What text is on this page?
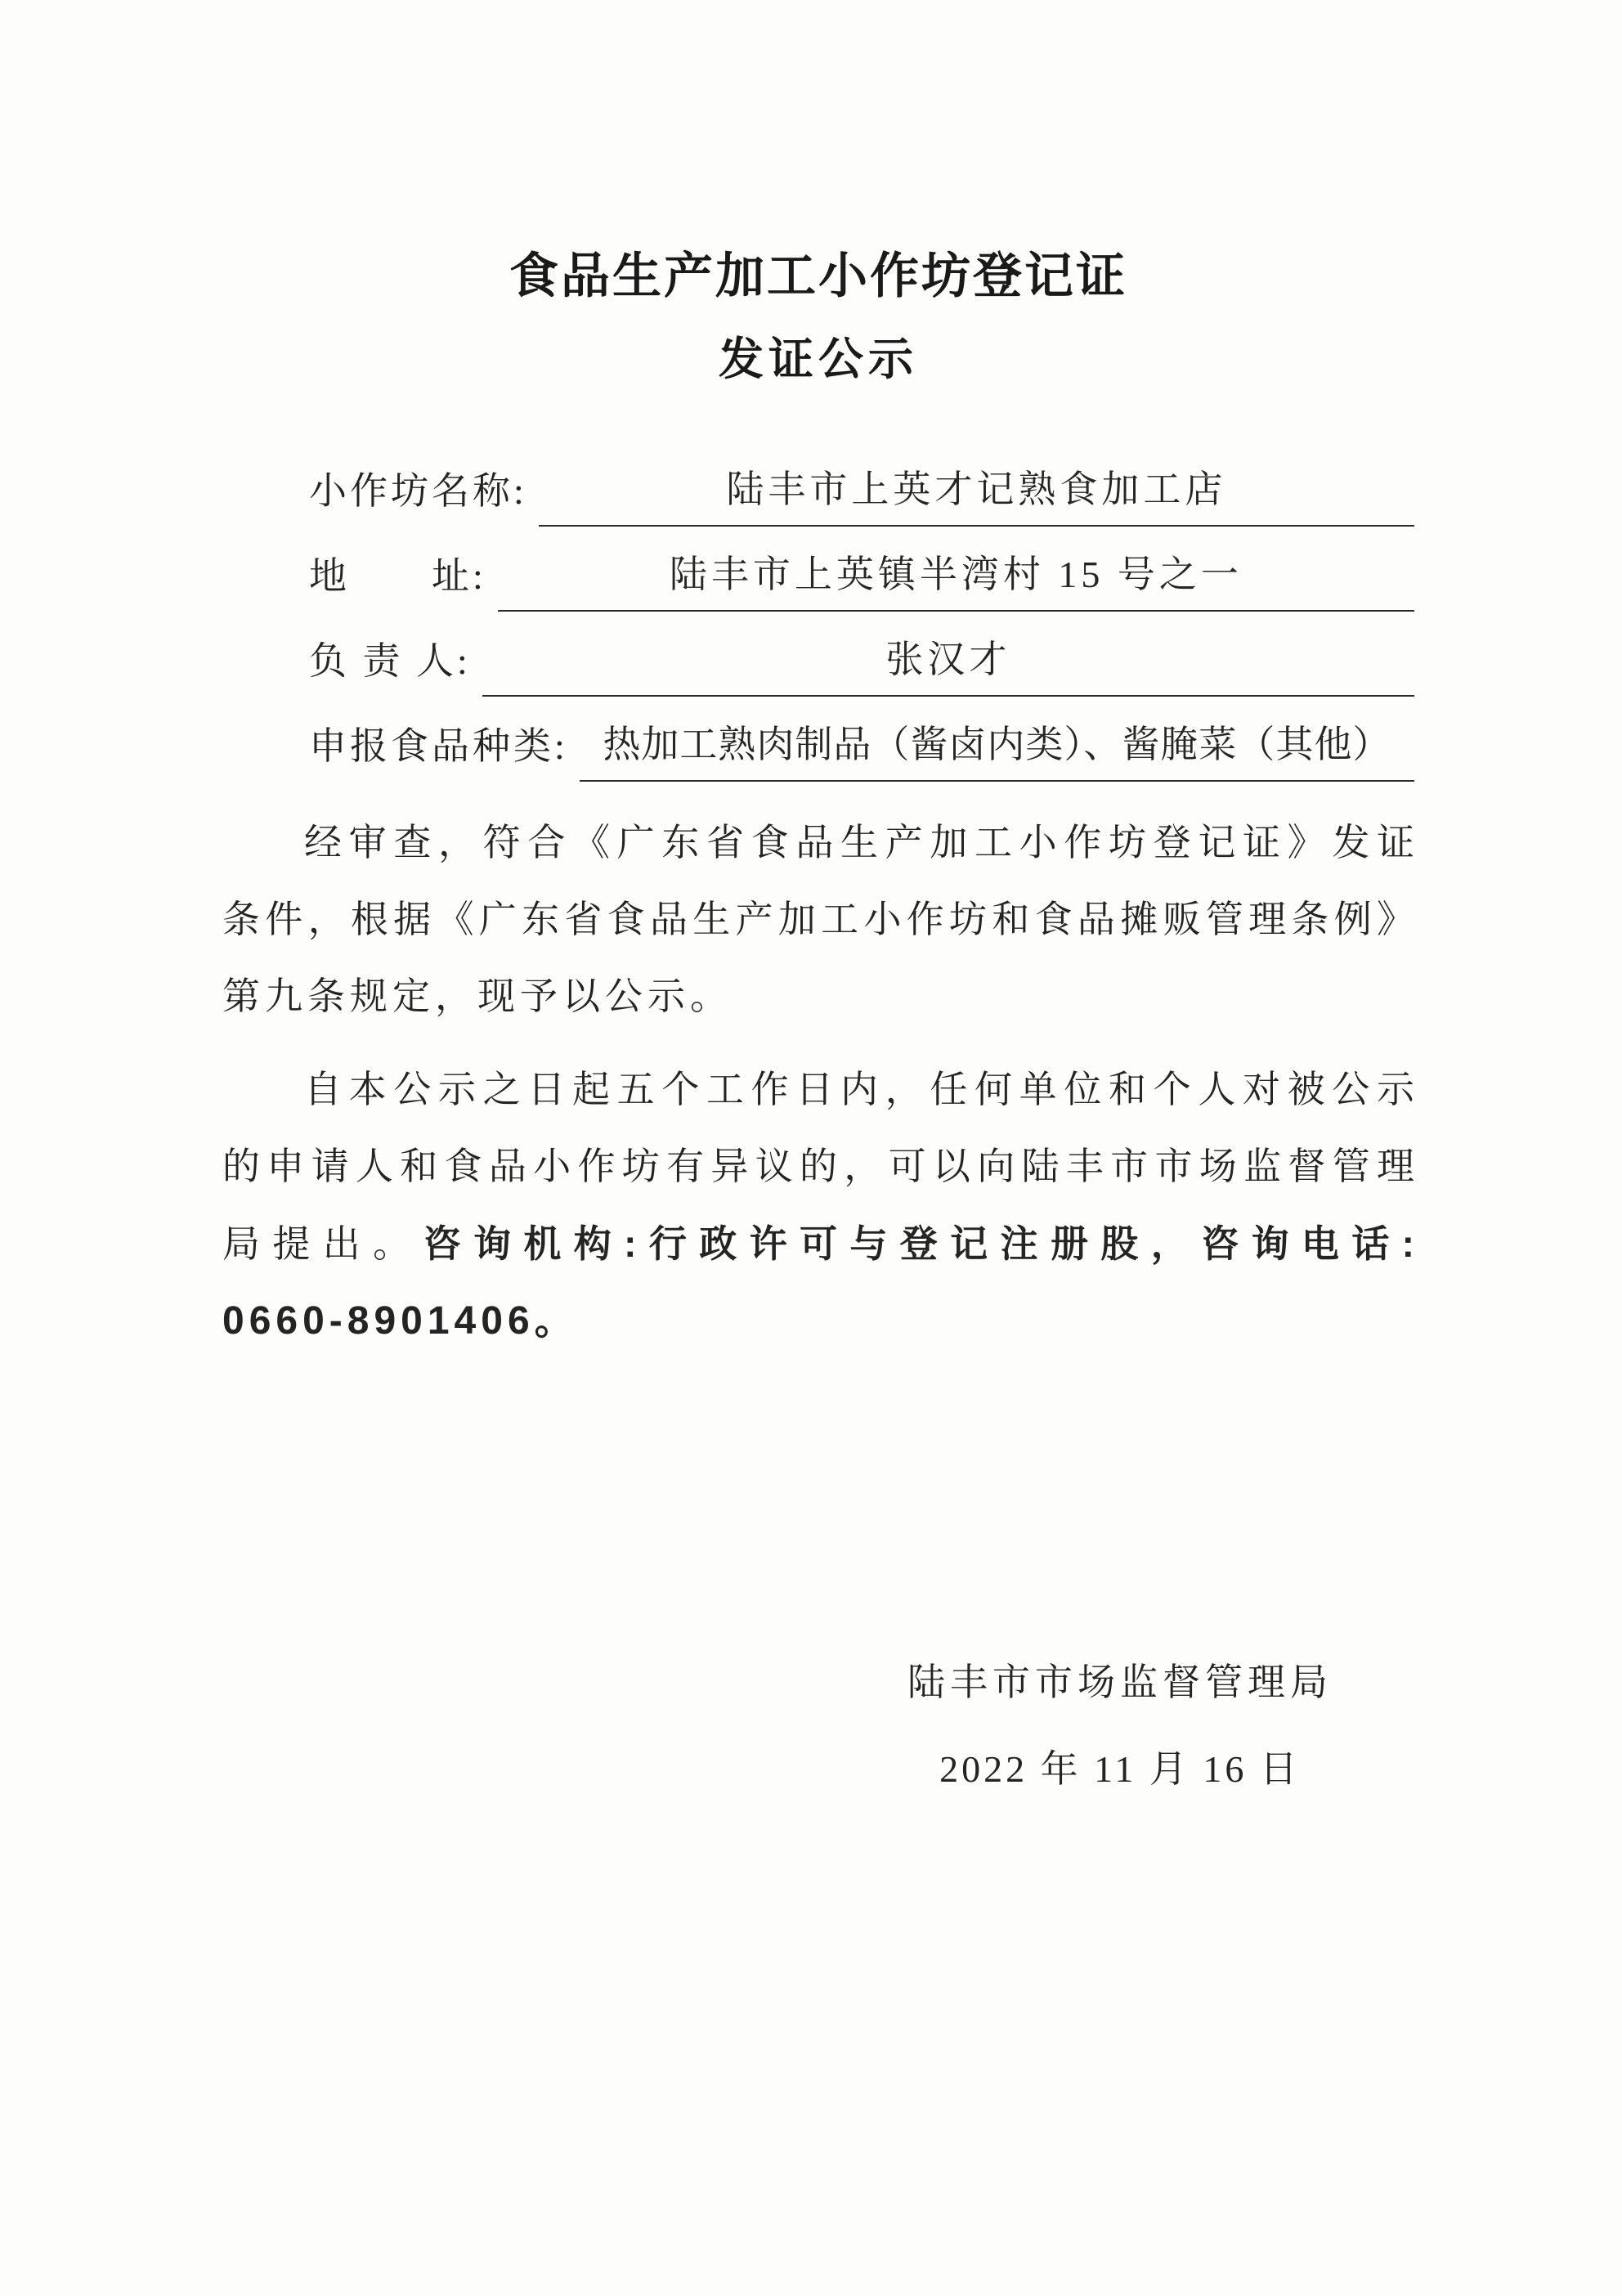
食品生产加工小作坊登记证
发证公示
小作坊名称:	陆丰市上英才记熟食加工店
地　　址:	陆丰市上英镇半湾村 15 号之一
负 责 人:	张汉才
申报食品种类: 热加工熟肉制品（酱卤内类）、酱腌菜（其他）
经审查，符合《广东省食品生产加工小作坊登记证》发证
条件，根据《广东省食品生产加工小作坊和食品摊贩管理条例》
第九条规定，现予以公示。
自本公示之日起五个工作日内，任何单位和个人对被公示
的申请人和食品小作坊有异议的，可以向陆丰市市场监督管理
局提出。咨询机构:行政许可与登记注册股，咨询电话:
0660-8901406。
陆丰市市场监督管理局
2022 年 11 月 16 日
